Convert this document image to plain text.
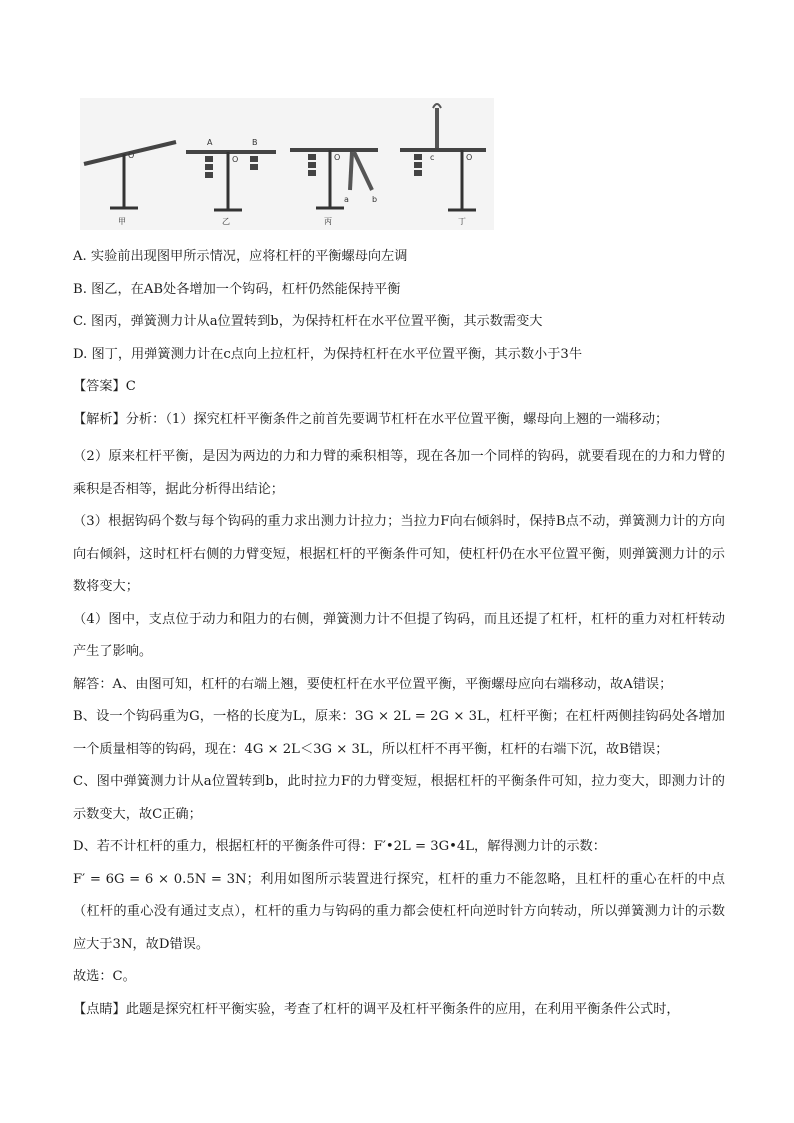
O
甲
A	B
O
乙
O
a	b
丙
O
c
丁

A. 实验前出现图甲所示情况，应将杠杆的平衡螺母向左调

B. 图乙，在AB处各增加一个钩码，杠杆仍然能保持平衡

C. 图丙，弹簧测力计从a位置转到b，为保持杠杆在水平位置平衡，其示数需变大

D. 图丁，用弹簧测力计在c点向上拉杠杆，为保持杠杆在水平位置平衡，其示数小于3牛

【答案】C

【解析】分析：（1）探究杠杆平衡条件之前首先要调节杠杆在水平位置平衡，螺母向上翘的一端移动；

（2）原来杠杆平衡，是因为两边的力和力臂的乘积相等，现在各加一个同样的钩码，就要看现在的力和力臂的乘积是否相等，据此分析得出结论；

（3）根据钩码个数与每个钩码的重力求出测力计拉力；当拉力F向右倾斜时，保持B点不动，弹簧测力计的方向向右倾斜，这时杠杆右侧的力臂变短，根据杠杆的平衡条件可知，使杠杆仍在水平位置平衡，则弹簧测力计的示数将变大；

（4）图中，支点位于动力和阻力的右侧，弹簧测力计不但提了钩码，而且还提了杠杆，杠杆的重力对杠杆转动产生了影响。

解答：A、由图可知，杠杆的右端上翘，要使杠杆在水平位置平衡，平衡螺母应向右端移动，故A错误；

B、设一个钩码重为G，一格的长度为L，原来：3G × 2L = 2G × 3L，杠杆平衡；在杠杆两侧挂钩码处各增加一个质量相等的钩码，现在：4G × 2L＜3G × 3L，所以杠杆不再平衡，杠杆的右端下沉，故B错误；

C、图中弹簧测力计从a位置转到b，此时拉力F的力臂变短，根据杠杆的平衡条件可知，拉力变大，即测力计的示数变大，故C正确；

D、若不计杠杆的重力，根据杠杆的平衡条件可得：F′•2L = 3G•4L，解得测力计的示数：

F′ = 6G = 6 × 0.5N = 3N；利用如图所示装置进行探究，杠杆的重力不能忽略，且杠杆的重心在杆的中点（杠杆的重心没有通过支点），杠杆的重力与钩码的重力都会使杠杆向逆时针方向转动，所以弹簧测力计的示数应大于3N，故D错误。

故选：C。

【点睛】此题是探究杠杆平衡实验，考查了杠杆的调平及杠杆平衡条件的应用，在利用平衡条件公式时，
